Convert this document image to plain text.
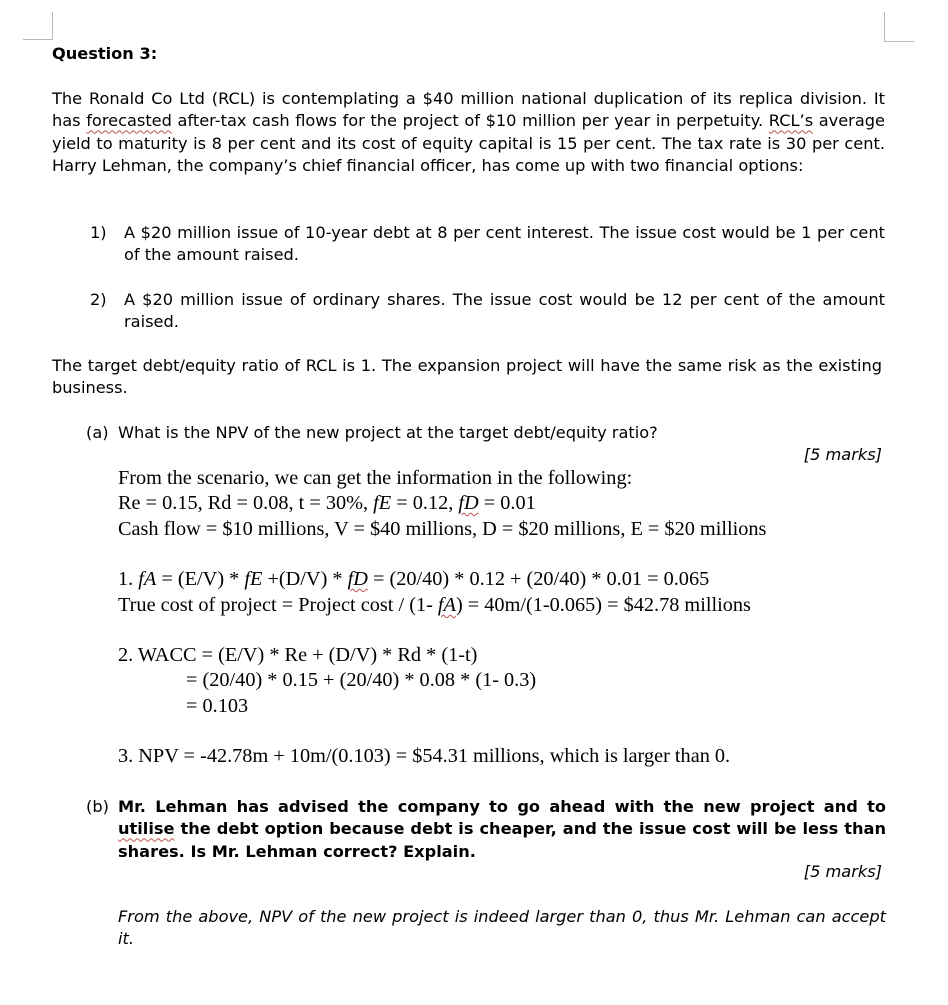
Question 3:
The Ronald Co Ltd (RCL) is contemplating a $40 million national duplication of its replica division. It has forecasted after-tax cash flows for the project of $10 million per year in perpetuity. RCL’s average yield to maturity is 8 per cent and its cost of equity capital is 15 per cent. The tax rate is 30 per cent. Harry Lehman, the company’s chief financial officer, has come up with two financial options:
1) A $20 million issue of 10-year debt at 8 per cent interest. The issue cost would be 1 per cent of the amount raised.
2) A $20 million issue of ordinary shares. The issue cost would be 12 per cent of the amount raised.
The target debt/equity ratio of RCL is 1. The expansion project will have the same risk as the existing business.
(a) What is the NPV of the new project at the target debt/equity ratio?
[5 marks]
From the scenario, we can get the information in the following:
Re = 0.15, Rd = 0.08, t = 30%, fE = 0.12, fD = 0.01
Cash flow = $10 millions, V = $40 millions, D = $20 millions, E = $20 millions
1. fA = (E/V) * fE +(D/V) * fD = (20/40) * 0.12 + (20/40) * 0.01 = 0.065
True cost of project = Project cost / (1- fA) = 40m/(1-0.065) = $42.78 millions
2. WACC = (E/V) * Re + (D/V) * Rd * (1-t)
= (20/40) * 0.15 + (20/40) * 0.08 * (1- 0.3)
= 0.103
3. NPV = -42.78m + 10m/(0.103) = $54.31 millions, which is larger than 0.
(b) Mr. Lehman has advised the company to go ahead with the new project and to utilise the debt option because debt is cheaper, and the issue cost will be less than shares. Is Mr. Lehman correct? Explain.
[5 marks]
From the above, NPV of the new project is indeed larger than 0, thus Mr. Lehman can accept it.
